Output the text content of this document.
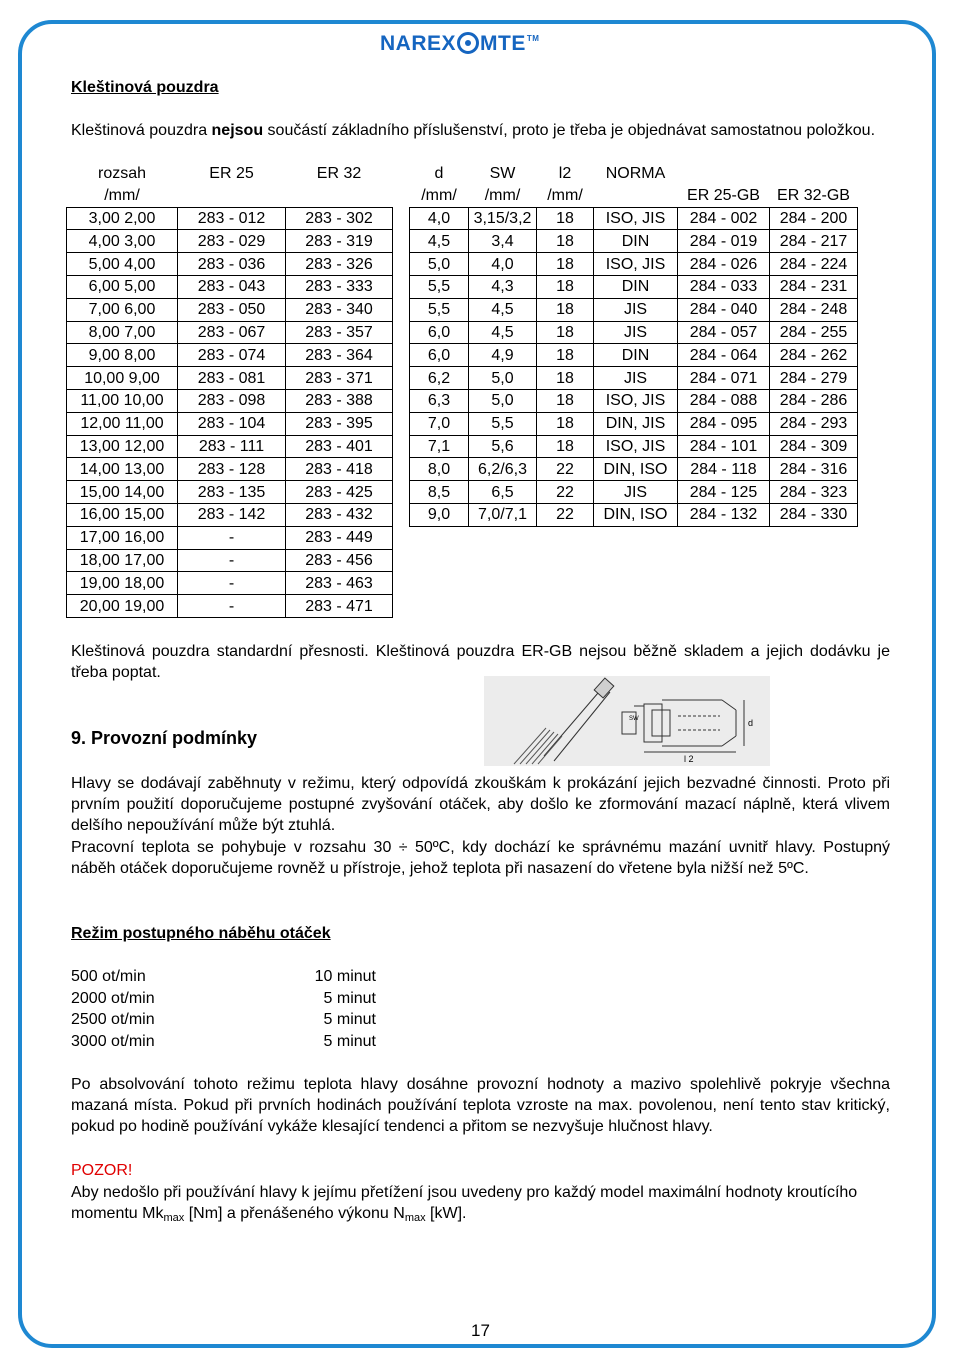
NAREX MTE™
Kleštinová pouzdra
Kleštinová pouzdra nejsou součástí základního příslušenství, proto je třeba je objednávat samostatnou položkou.
rozsah	ER 25	ER 32
/mm/		
3,00 2,00	283 - 012	283 - 302
4,00 3,00	283 - 029	283 - 319
5,00 4,00	283 - 036	283 - 326
6,00 5,00	283 - 043	283 - 333
7,00 6,00	283 - 050	283 - 340
8,00 7,00	283 - 067	283 - 357
9,00 8,00	283 - 074	283 - 364
10,00 9,00	283 - 081	283 - 371
11,00 10,00	283 - 098	283 - 388
12,00 11,00	283 - 104	283 - 395
13,00 12,00	283 - 111	283 - 401
14,00 13,00	283 - 128	283 - 418
15,00 14,00	283 - 135	283 - 425
16,00 15,00	283 - 142	283 - 432
17,00 16,00	-	283 - 449
18,00 17,00	-	283 - 456
19,00 18,00	-	283 - 463
20,00 19,00	-	283 - 471
d	SW	l2	NORMA		
/mm/	/mm/	/mm/		ER 25-GB	ER 32-GB
4,0	3,15/3,2	18	ISO, JIS	284 - 002	284 - 200
4,5	3,4	18	DIN	284 - 019	284 - 217
5,0	4,0	18	ISO, JIS	284 - 026	284 - 224
5,5	4,3	18	DIN	284 - 033	284 - 231
5,5	4,5	18	JIS	284 - 040	284 - 248
6,0	4,5	18	JIS	284 - 057	284 - 255
6,0	4,9	18	DIN	284 - 064	284 - 262
6,2	5,0	18	JIS	284 - 071	284 - 279
6,3	5,0	18	ISO, JIS	284 - 088	284 - 286
7,0	5,5	18	DIN, JIS	284 - 095	284 - 293
7,1	5,6	18	ISO, JIS	284 - 101	284 - 309
8,0	6,2/6,3	22	DIN, ISO	284 - 118	284 - 316
8,5	6,5	22	JIS	284 - 125	284 - 323
9,0	7,0/7,1	22	DIN, ISO	284 - 132	284 - 330
Kleštinová pouzdra standardní přesnosti. Kleštinová pouzdra ER-GB nejsou běžně skladem a jejich dodávku je třeba poptat.
SW	d
l 2
9. Provozní podmínky
Hlavy se dodávají zaběhnuty v režimu, který odpovídá zkouškám k prokázání jejich bezvadné činnosti. Proto při prvním použití doporučujeme postupné zvyšování otáček, aby došlo ke zformování mazací náplně, která vlivem delšího nepoužívání může být ztuhlá.
Pracovní teplota se pohybuje v rozsahu 30 ÷ 50ºC, kdy dochází ke správnému mazání uvnitř hlavy. Postupný náběh otáček doporučujeme rovněž u přístroje, jehož teplota při nasazení do vřetene byla nižší než 5ºC.
Režim postupného náběhu otáček
500 ot/min	10 minut
2000 ot/min	5 minut
2500 ot/min	5 minut
3000 ot/min	5 minut
Po absolvování tohoto režimu teplota hlavy dosáhne provozní hodnoty a mazivo spolehlivě pokryje všechna mazaná místa. Pokud při prvních hodinách používání teplota vzroste na max. povolenou, není tento stav kritický, pokud po hodině používání vykáže klesající tendenci a přitom se nezvyšuje hlučnost hlavy.
POZOR!
Aby nedošlo při používání hlavy k jejímu přetížení jsou uvedeny pro každý model maximální hodnoty kroutícího momentu $Mk_{max}$ [Nm] a přenášeného výkonu $N_{max}$ [kW].
17
